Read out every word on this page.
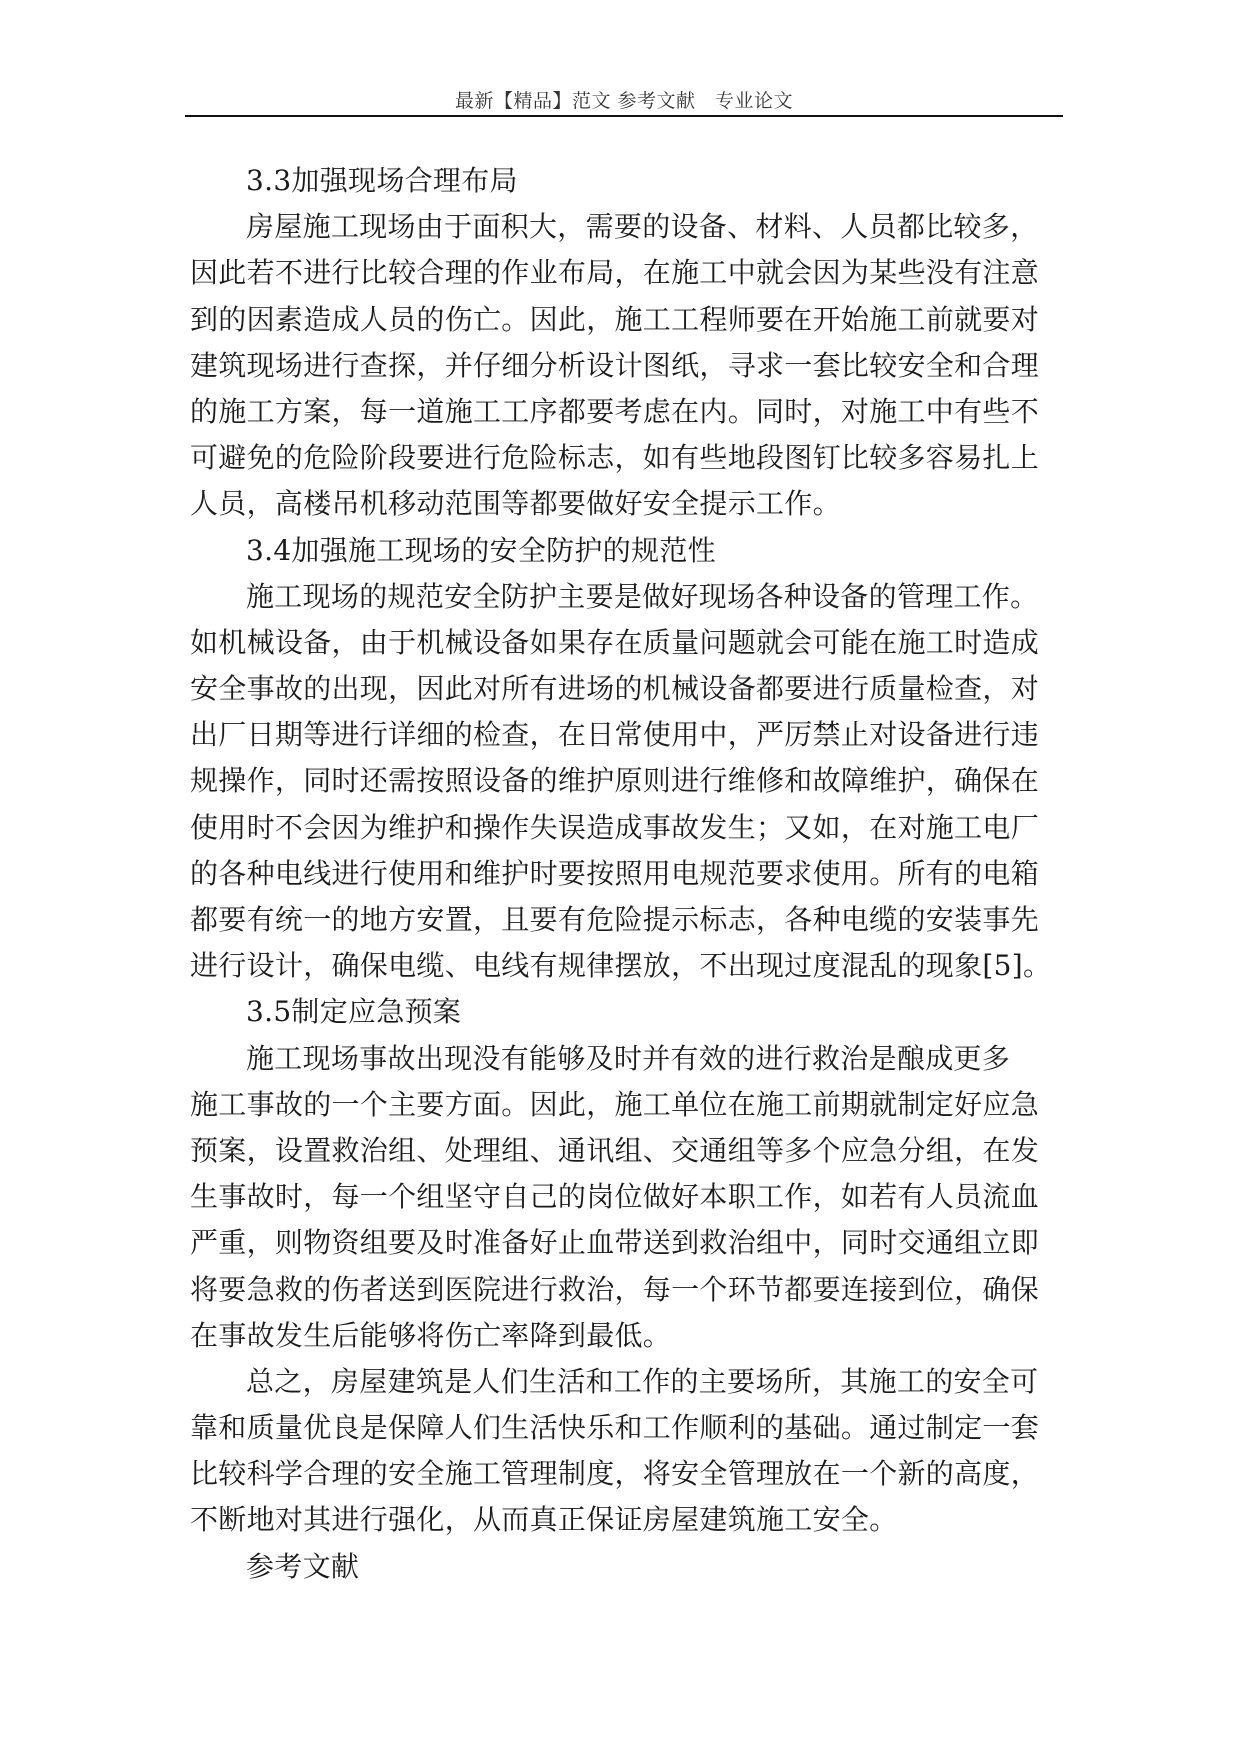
最新【精品】范文 参考文献　专业论文
3.3加强现场合理布局
房屋施工现场由于面积大，需要的设备、材料、人员都比较多，
因此若不进行比较合理的作业布局，在施工中就会因为某些没有注意
到的因素造成人员的伤亡。因此，施工工程师要在开始施工前就要对
建筑现场进行查探，并仔细分析设计图纸，寻求一套比较安全和合理
的施工方案，每一道施工工序都要考虑在内。同时，对施工中有些不
可避免的危险阶段要进行危险标志，如有些地段图钉比较多容易扎上
人员，高楼吊机移动范围等都要做好安全提示工作。
3.4加强施工现场的安全防护的规范性
施工现场的规范安全防护主要是做好现场各种设备的管理工作。
如机械设备，由于机械设备如果存在质量问题就会可能在施工时造成
安全事故的出现，因此对所有进场的机械设备都要进行质量检查，对
出厂日期等进行详细的检查，在日常使用中，严厉禁止对设备进行违
规操作，同时还需按照设备的维护原则进行维修和故障维护，确保在
使用时不会因为维护和操作失误造成事故发生；又如，在对施工电厂
的各种电线进行使用和维护时要按照用电规范要求使用。所有的电箱
都要有统一的地方安置，且要有危险提示标志，各种电缆的安装事先
进行设计，确保电缆、电线有规律摆放，不出现过度混乱的现象[5]。
3.5制定应急预案
施工现场事故出现没有能够及时并有效的进行救治是酿成更多
施工事故的一个主要方面。因此，施工单位在施工前期就制定好应急
预案，设置救治组、处理组、通讯组、交通组等多个应急分组，在发
生事故时，每一个组坚守自己的岗位做好本职工作，如若有人员流血
严重，则物资组要及时准备好止血带送到救治组中，同时交通组立即
将要急救的伤者送到医院进行救治，每一个环节都要连接到位，确保
在事故发生后能够将伤亡率降到最低。
总之，房屋建筑是人们生活和工作的主要场所，其施工的安全可
靠和质量优良是保障人们生活快乐和工作顺利的基础。通过制定一套
比较科学合理的安全施工管理制度，将安全管理放在一个新的高度，
不断地对其进行强化，从而真正保证房屋建筑施工安全。
参考文献
